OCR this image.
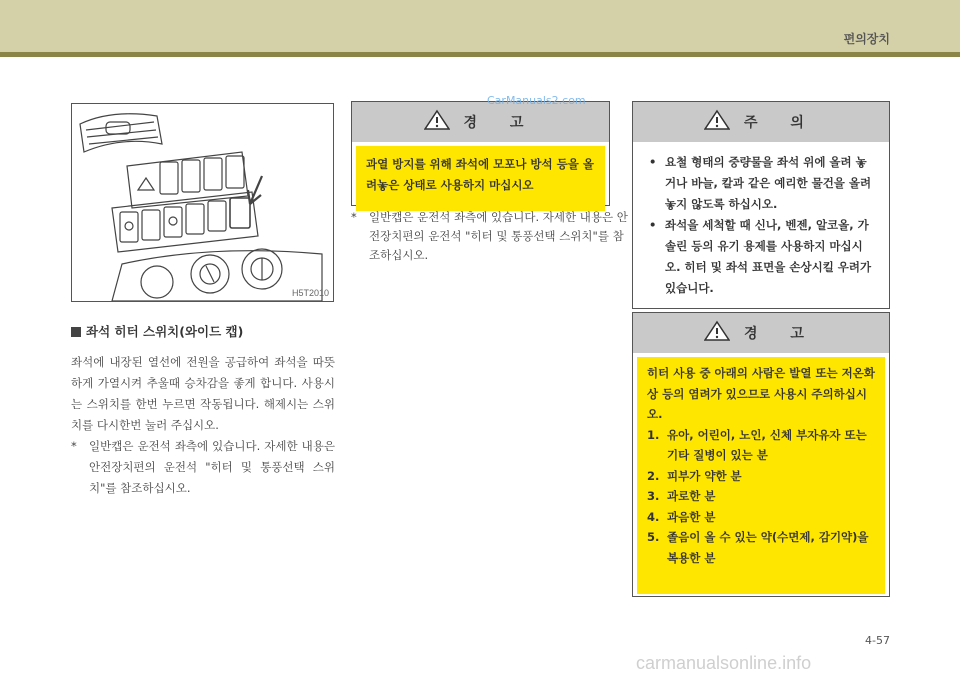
편의장치
H5T2010
좌석 히터 스위치(와이드 캡)
좌석에 내장된 열선에 전원을 공급하여 좌석을 따뜻하게 가열시켜 추울때 승차감을 좋게 합니다. 사용시는 스위치를 한번 누르면 작동됩니다. 해제시는 스위치를 다시한번 눌러 주십시오.
* 일반캡은 운전석 좌측에 있습니다. 자세한 내용은 안전장치편의 운전석 "히터 및 통풍선택 스위치"를 참조하십시오.
경 고
과열 방지를 위해 좌석에 모포나 방석 등을 올려놓은 상태로 사용하지 마십시오
* 일반캡은 운전석 좌측에 있습니다. 자세한 내용은 안전장치편의 운전석 "히터 및 통풍선택 스위치"를 참조하십시오.
주 의
• 요철 형태의 중량물을 좌석 위에 올려 놓거나 바늘, 칼과 같은 예리한 물건을 올려 놓지 않도록 하십시오.
• 좌석을 세척할 때 신나, 벤젠, 알코올, 가솔린 등의 유기 용제를 사용하지 마십시오. 히터 및 좌석 표면을 손상시킬 우려가 있습니다.
경 고
히터 사용 중 아래의 사람은 발열 또는 저온화상 등의 염려가 있으므로 사용시 주의하십시오.
1. 유아, 어린이, 노인, 신체 부자유자 또는 기타 질병이 있는 분
2. 피부가 약한 분
3. 과로한 분
4. 과음한 분
5. 졸음이 올 수 있는 약(수면제, 감기약)을 복용한 분
CarManuals2.com
4-57
carmanualsonline.info
